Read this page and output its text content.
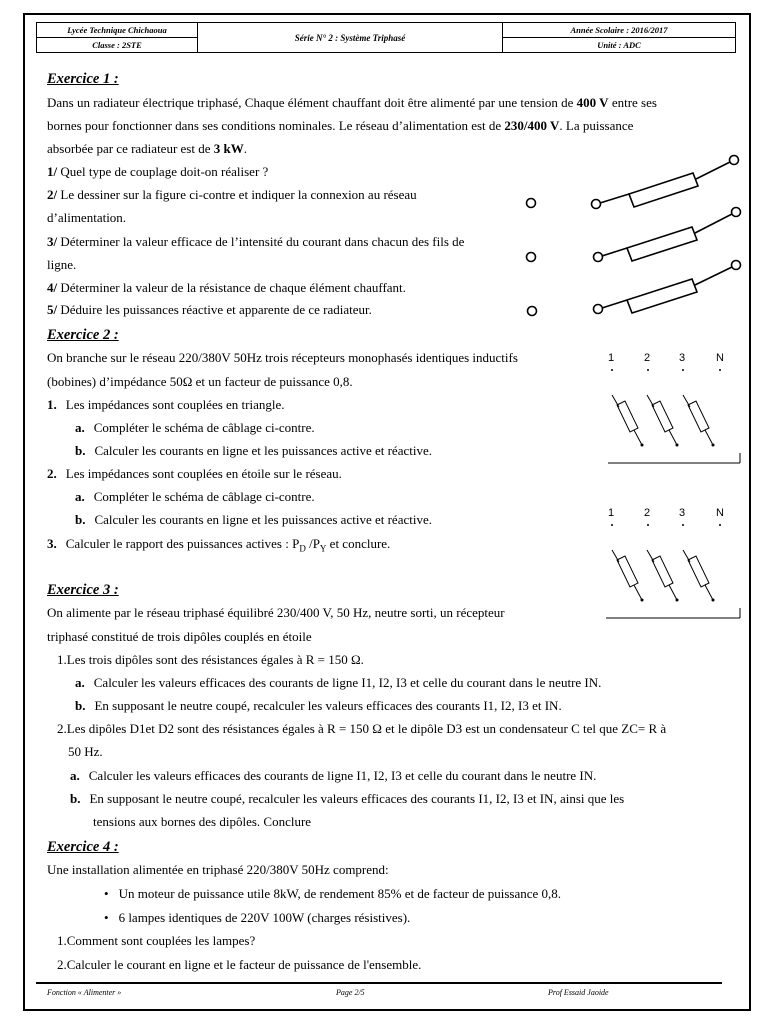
Lycée Technique Chichaoua	Série N° 2 : Système Triphasé	Année Scolaire : 2016/2017
Classe : 2STE		Unité : ADC
Exercice 1 :
Dans un radiateur électrique triphasé, Chaque élément chauffant doit être alimenté par une tension de 400 V entre ses
bornes pour fonctionner dans ses conditions nominales. Le réseau d’alimentation est de 230/400 V. La puissance
absorbée par ce radiateur est de 3 kW.
1/ Quel type de couplage doit-on réaliser ?
2/ Le dessiner sur la figure ci-contre et indiquer la connexion au réseau
d’alimentation.
3/ Déterminer la valeur efficace de l’intensité du courant dans chacun des fils de
ligne.
4/ Déterminer la valeur de la résistance de chaque élément chauffant.
5/ Déduire les puissances réactive et apparente de ce radiateur.
Exercice 2 :
On branche sur le réseau 220/380V 50Hz trois récepteurs monophasés identiques inductifs
(bobines) d’impédance 50Ω et un facteur de puissance 0,8.
1. Les impédances sont couplées en triangle.
a. Compléter le schéma de câblage ci-contre.
b. Calculer les courants en ligne et les puissances active et réactive.
2. Les impédances sont couplées en étoile sur le réseau.
a. Compléter le schéma de câblage ci-contre.
b. Calculer les courants en ligne et les puissances active et réactive.
3. Calculer le rapport des puissances actives : $P_D$ $/P_Y$ et conclure.
1	2	3	N
1	2	3	N
Exercice 3 :
On alimente par le réseau triphasé équilibré 230/400 V, 50 Hz, neutre sorti, un récepteur
triphasé constitué de trois dipôles couplés en étoile
1.Les trois dipôles sont des résistances égales à R = 150 Ω.
a. Calculer les valeurs efficaces des courants de ligne I1, I2, I3 et celle du courant dans le neutre IN.
b. En supposant le neutre coupé, recalculer les valeurs efficaces des courants I1, I2, I3 et IN.
2.Les dipôles D1et D2 sont des résistances égales à R = 150 Ω et le dipôle D3 est un condensateur C tel que ZC= R à
50 Hz.
a. Calculer les valeurs efficaces des courants de ligne I1, I2, I3 et celle du courant dans le neutre IN.
b. En supposant le neutre coupé, recalculer les valeurs efficaces des courants I1, I2, I3 et IN, ainsi que les
tensions aux bornes des dipôles. Conclure
Exercice 4 :
Une installation alimentée en triphasé 220/380V 50Hz comprend:
• Un moteur de puissance utile 8kW, de rendement 85% et de facteur de puissance 0,8.
• 6 lampes identiques de 220V 100W (charges résistives).
1.Comment sont couplées les lampes?
2.Calculer le courant en ligne et le facteur de puissance de l'ensemble.
Fonction « Alimenter »	Page 2/5	Prof Essaid Jaoide
